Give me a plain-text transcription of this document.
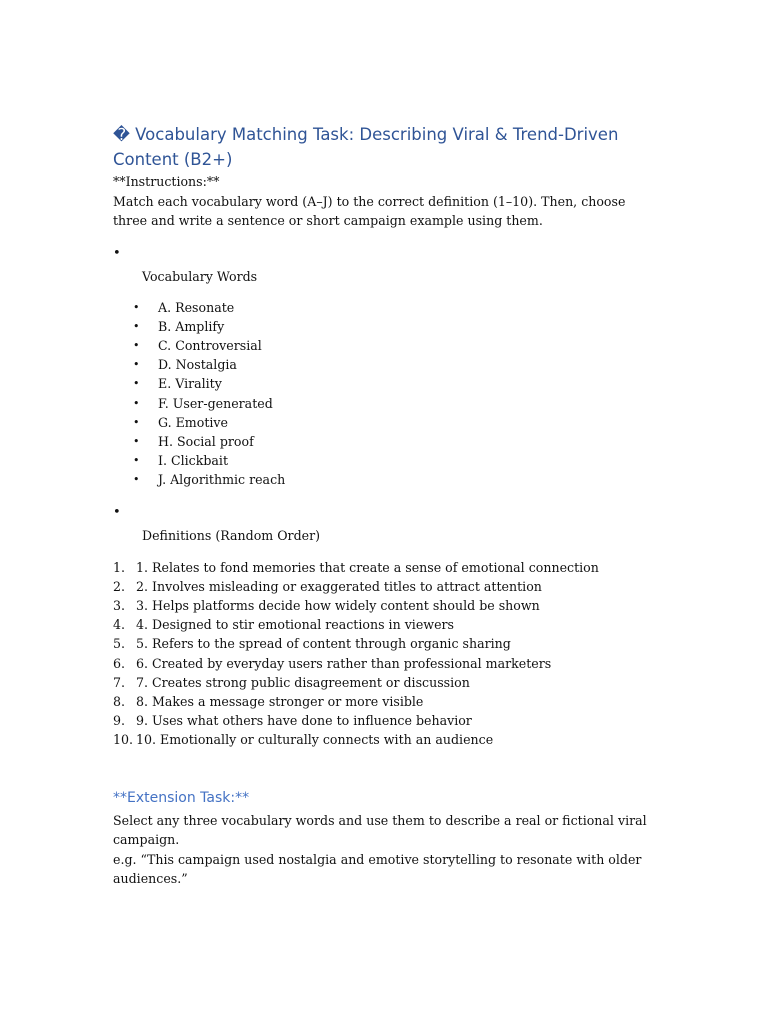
� Vocabulary Matching Task: Describing Viral & Trend-Driven Content (B2+)

**Instructions:**

Match each vocabulary word (A–J) to the correct definition (1–10). Then, choose three and write a sentence or short campaign example using them.

•

Vocabulary Words

• A. Resonate
• B. Amplify
• C. Controversial
• D. Nostalgia
• E. Virality
• F. User-generated
• G. Emotive
• H. Social proof
• I. Clickbait
• J. Algorithmic reach
•

Definitions (Random Order)

1. 1. Relates to fond memories that create a sense of emotional connection
2. 2. Involves misleading or exaggerated titles to attract attention
3. 3. Helps platforms decide how widely content should be shown
4. 4. Designed to stir emotional reactions in viewers
5. 5. Refers to the spread of content through organic sharing
6. 6. Created by everyday users rather than professional marketers
7. 7. Creates strong public disagreement or discussion
8. 8. Makes a message stronger or more visible
9. 9. Uses what others have done to influence behavior
10. 10. Emotionally or culturally connects with an audience
**Extension Task:**

Select any three vocabulary words and use them to describe a real or fictional viral campaign.

e.g. “This campaign used nostalgia and emotive storytelling to resonate with older audiences.”
